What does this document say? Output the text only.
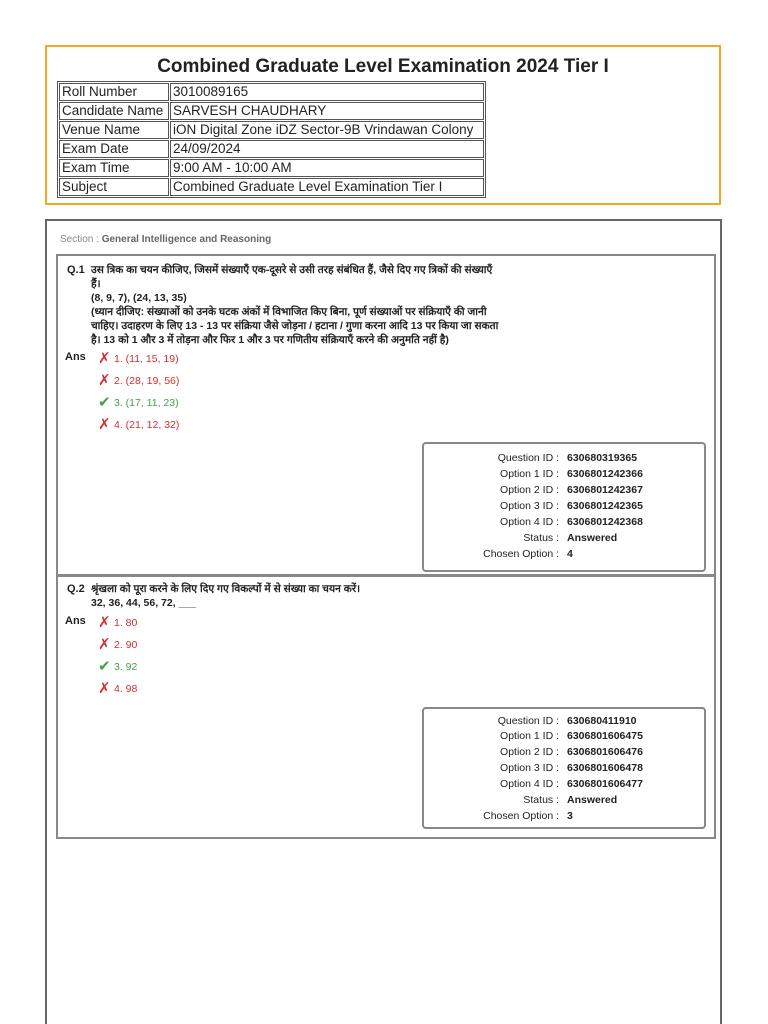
Combined Graduate Level Examination 2024 Tier I
Roll Number	3010089165
Candidate Name	SARVESH CHAUDHARY
Venue Name	iON Digital Zone iDZ Sector-9B Vrindawan Colony
Exam Date	24/09/2024
Exam Time	9:00 AM - 10:00 AM
Subject	Combined Graduate Level Examination Tier I
Section : General Intelligence and Reasoning
Q.1 उस त्रिक का चयन कीजिए, जिसमें संख्याएँ एक-दूसरे से उसी तरह संबंधित हैं, जैसे दिए गए त्रिकों की संख्याएँ
हैं।
(8, 9, 7), (24, 13, 35)
(ध्यान दीजिए: संख्याओं को उनके घटक अंकों में विभाजित किए बिना, पूर्ण संख्याओं पर संक्रियाएँ की जानी
चाहिए। उदाहरण के लिए 13 - 13 पर संक्रिया जैसे जोड़ना / हटाना / गुणा करना आदि 13 पर किया जा सकता
है। 13 को 1 और 3 में तोड़ना और फिर 1 और 3 पर गणितीय संक्रियाएँ करने की अनुमति नहीं है)
Ans ✗ 1. (11, 15, 19)
✗ 2. (28, 19, 56)
✔ 3. (17, 11, 23)
✗ 4. (21, 12, 32)
Question ID : 630680319365
Option 1 ID : 6306801242366
Option 2 ID : 6306801242367
Option 3 ID : 6306801242365
Option 4 ID : 6306801242368
Status : Answered
Chosen Option : 4
Q.2 श्रृंखला को पूरा करने के लिए दिए गए विकल्पों में से संख्या का चयन करें।
32, 36, 44, 56, 72, ___
Ans ✗ 1. 80
✗ 2. 90
✔ 3. 92
✗ 4. 98
Question ID : 630680411910
Option 1 ID : 6306801606475
Option 2 ID : 6306801606476
Option 3 ID : 6306801606478
Option 4 ID : 6306801606477
Status : Answered
Chosen Option : 3
